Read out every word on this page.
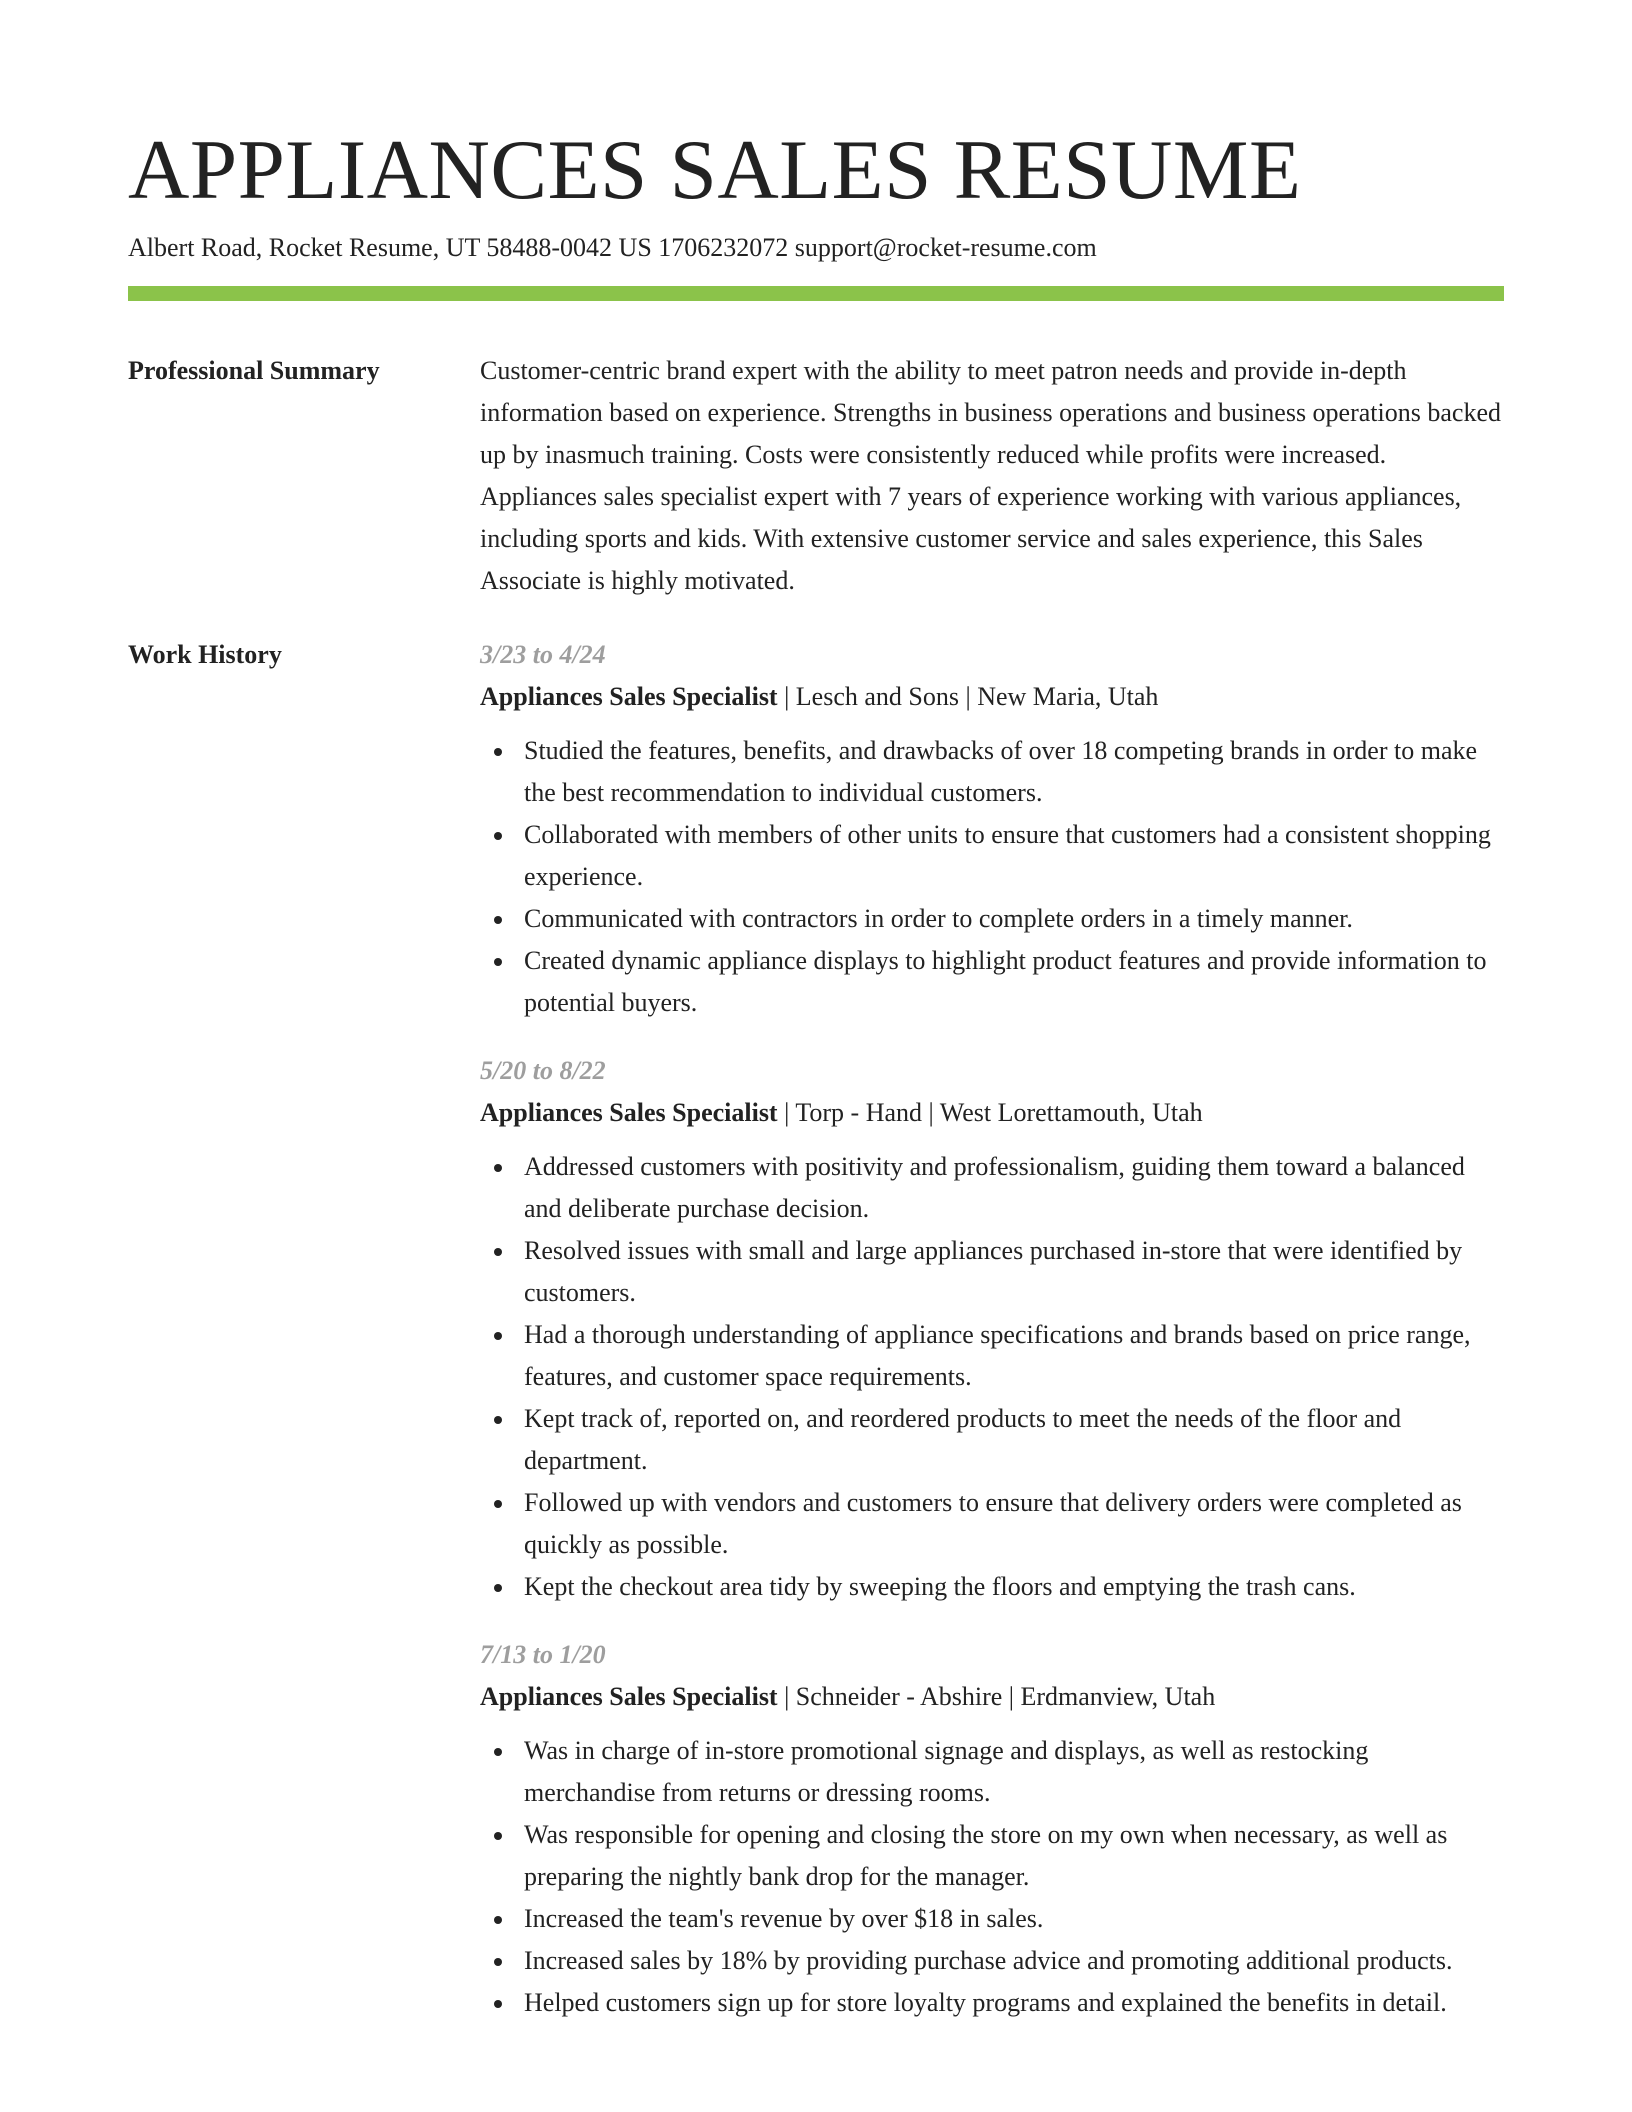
APPLIANCES SALES RESUME
Albert Road, Rocket Resume, UT 58488-0042 US 1706232072 support@rocket-resume.com
Professional Summary	Customer-centric brand expert with the ability to meet patron needs and provide in-depth information based on experience. Strengths in business operations and business operations backed up by inasmuch training. Costs were consistently reduced while profits were increased. Appliances sales specialist expert with 7 years of experience working with various appliances, including sports and kids. With extensive customer service and sales experience, this Sales Associate is highly motivated.

Work History	3/23 to 4/24

Appliances Sales Specialist | Lesch and Sons | New Maria, Utah

Studied the features, benefits, and drawbacks of over 18 competing brands in order to make the best recommendation to individual customers.
Collaborated with members of other units to ensure that customers had a consistent shopping experience.
Communicated with contractors in order to complete orders in a timely manner.
Created dynamic appliance displays to highlight product features and provide information to potential buyers.

5/20 to 8/22

Appliances Sales Specialist | Torp - Hand | West Lorettamouth, Utah

Addressed customers with positivity and professionalism, guiding them toward a balanced and deliberate purchase decision.
Resolved issues with small and large appliances purchased in-store that were identified by customers.
Had a thorough understanding of appliance specifications and brands based on price range, features, and customer space requirements.
Kept track of, reported on, and reordered products to meet the needs of the floor and department.
Followed up with vendors and customers to ensure that delivery orders were completed as quickly as possible.
Kept the checkout area tidy by sweeping the floors and emptying the trash cans.

7/13 to 1/20

Appliances Sales Specialist | Schneider - Abshire | Erdmanview, Utah

Was in charge of in-store promotional signage and displays, as well as restocking merchandise from returns or dressing rooms.
Was responsible for opening and closing the store on my own when necessary, as well as preparing the nightly bank drop for the manager.
Increased the team's revenue by over $18 in sales.
Increased sales by 18% by providing purchase advice and promoting additional products.
Helped customers sign up for store loyalty programs and explained the benefits in detail.
